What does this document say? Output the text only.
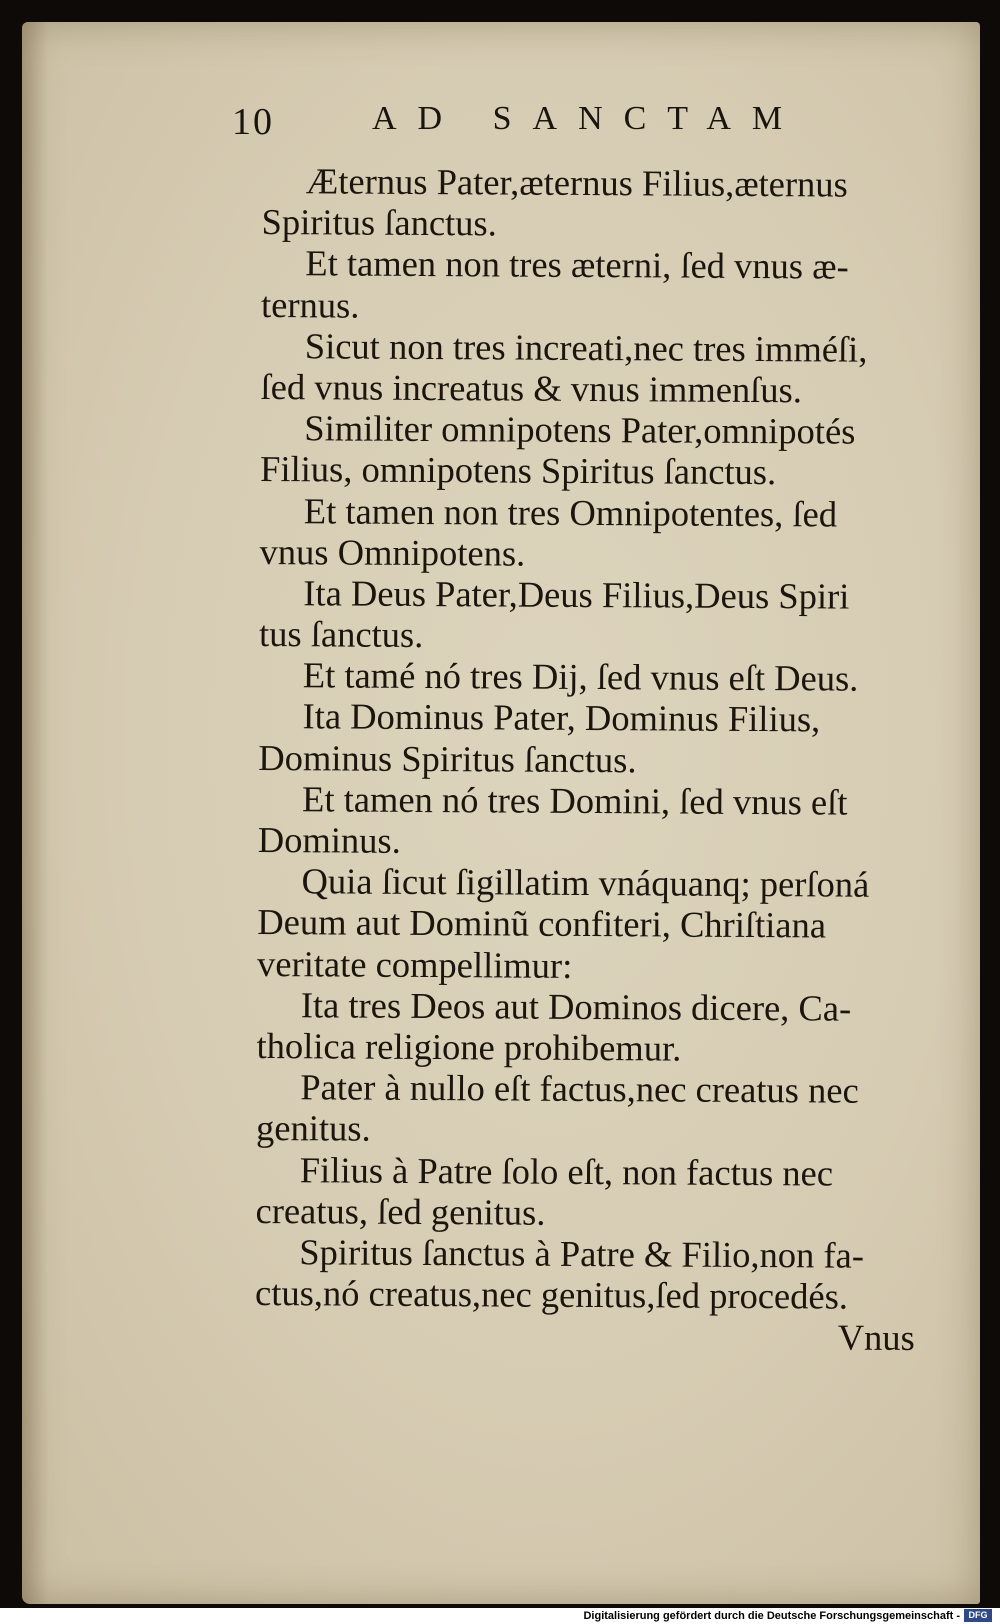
10	AD SANCTAM
Æternus Pater,æternus Filius,æternus
Spiritus ſanctus.
Et tamen non tres æterni, ſed vnus æ-
ternus.
Sicut non tres increati,nec tres imméſi,
ſed vnus increatus & vnus immenſus.
Similiter omnipotens Pater,omnipotés
Filius, omnipotens Spiritus ſanctus.
Et tamen non tres Omnipotentes, ſed
vnus Omnipotens.
Ita Deus Pater,Deus Filius,Deus Spiri
tus ſanctus.
Et tamé nó tres Dij, ſed vnus eſt Deus.
Ita Dominus Pater, Dominus Filius,
Dominus Spiritus ſanctus.
Et tamen nó tres Domini, ſed vnus eſt
Dominus.
Quia ſicut ſigillatim vnáquanq; perſoná
Deum aut Dominũ confiteri, Chriſtiana
veritate compellimur:
Ita tres Deos aut Dominos dicere, Ca-
tholica religione prohibemur.
Pater à nullo eſt factus,nec creatus nec
genitus.
Filius à Patre ſolo eſt, non factus nec
creatus, ſed genitus.
Spiritus ſanctus à Patre & Filio,non fa-
ctus,nó creatus,nec genitus,ſed procedés.
Vnus
Digitalisierung gefördert durch die Deutsche Forschungsgemeinschaft - DFG
